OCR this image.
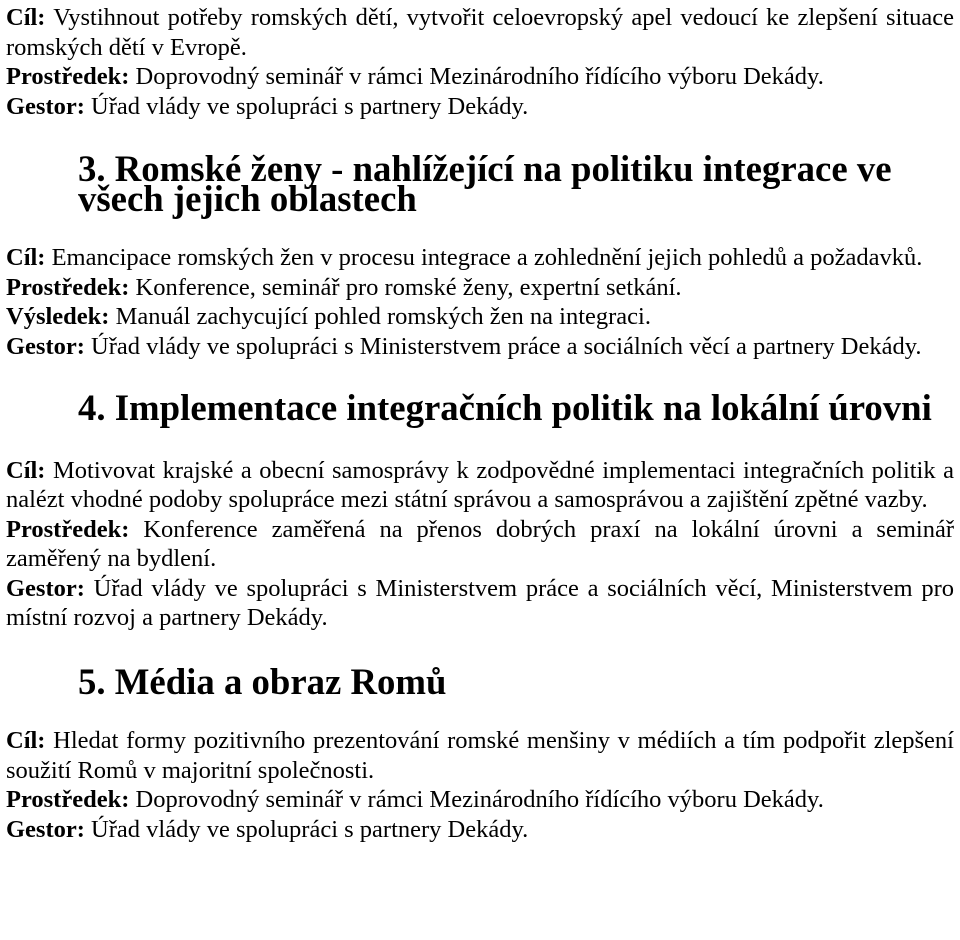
Cíl: Vystihnout potřeby romských dětí, vytvořit celoevropský apel vedoucí ke zlepšení situace romských dětí v Evropě.

Prostředek: Doprovodný seminář v rámci Mezinárodního řídícího výboru Dekády.

Gestor: Úřad vlády ve spolupráci s partnery Dekády.

3. Romské ženy - nahlížející na politiku integrace ve všech jejich oblastech

Cíl: Emancipace romských žen v procesu integrace a zohlednění jejich pohledů a požadavků.

Prostředek: Konference, seminář pro romské ženy, expertní setkání.

Výsledek: Manuál zachycující pohled romských žen na integraci.

Gestor: Úřad vlády ve spolupráci s Ministerstvem práce a sociálních věcí a partnery Dekády.

4. Implementace integračních politik na lokální úrovni

Cíl: Motivovat krajské a obecní samosprávy k zodpovědné implementaci integračních politik a nalézt vhodné podoby spolupráce mezi státní správou a samosprávou a zajištění zpětné vazby.

Prostředek: Konference zaměřená na přenos dobrých praxí na lokální úrovni a seminář zaměřený na bydlení.

Gestor: Úřad vlády ve spolupráci s Ministerstvem práce a sociálních věcí, Ministerstvem pro místní rozvoj a partnery Dekády.

5. Média a obraz Romů

Cíl: Hledat formy pozitivního prezentování romské menšiny v médiích a tím podpořit zlepšení soužití Romů v majoritní společnosti.

Prostředek: Doprovodný seminář v rámci Mezinárodního řídícího výboru Dekády.

Gestor: Úřad vlády ve spolupráci s partnery Dekády.
